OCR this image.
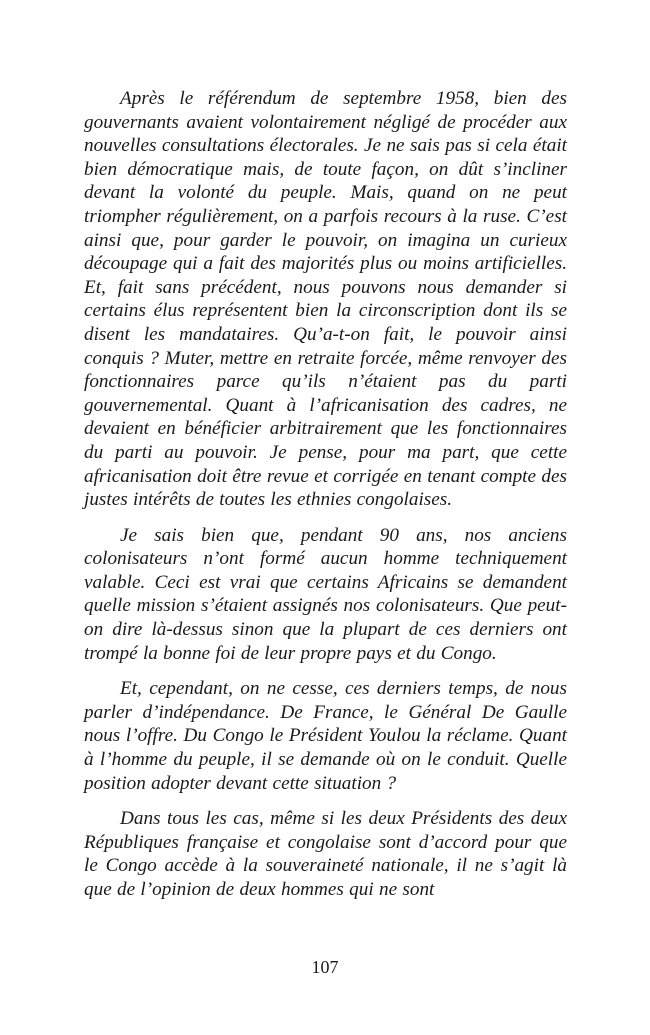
Après le référendum de septembre 1958, bien des gouvernants avaient volontairement négligé de procéder aux nouvelles consultations électorales. Je ne sais pas si cela était bien démocratique mais, de toute façon, on dût s’incliner devant la volonté du peuple. Mais, quand on ne peut triompher régulièrement, on a parfois recours à la ruse. C’est ainsi que, pour garder le pouvoir, on imagina un curieux découpage qui a fait des majorités plus ou moins artificielles. Et, fait sans précédent, nous pouvons nous demander si certains élus représentent bien la circonscription dont ils se disent les mandataires. Qu’a-t-on fait, le pouvoir ainsi conquis ? Muter, mettre en retraite forcée, même renvoyer des fonctionnaires parce qu’ils n’étaient pas du parti gouvernemental. Quant à l’africanisation des cadres, ne devaient en bénéficier arbitrairement que les fonctionnaires du parti au pouvoir. Je pense, pour ma part, que cette africanisation doit être revue et corrigée en tenant compte des justes intérêts de toutes les ethnies congolaises.

Je sais bien que, pendant 90 ans, nos anciens colonisateurs n’ont formé aucun homme techniquement valable. Ceci est vrai que certains Africains se demandent quelle mission s’étaient assignés nos colonisateurs. Que peut-on dire là-dessus sinon que la plupart de ces derniers ont trompé la bonne foi de leur propre pays et du Congo.

Et, cependant, on ne cesse, ces derniers temps, de nous parler d’indépendance. De France, le Général De Gaulle nous l’offre. Du Congo le Président Youlou la réclame. Quant à l’homme du peuple, il se demande où on le conduit. Quelle position adopter devant cette situation ?

Dans tous les cas, même si les deux Présidents des deux Républiques française et congolaise sont d’accord pour que le Congo accède à la souveraineté nationale, il ne s’agit là que de l’opinion de deux hommes qui ne sont

107
